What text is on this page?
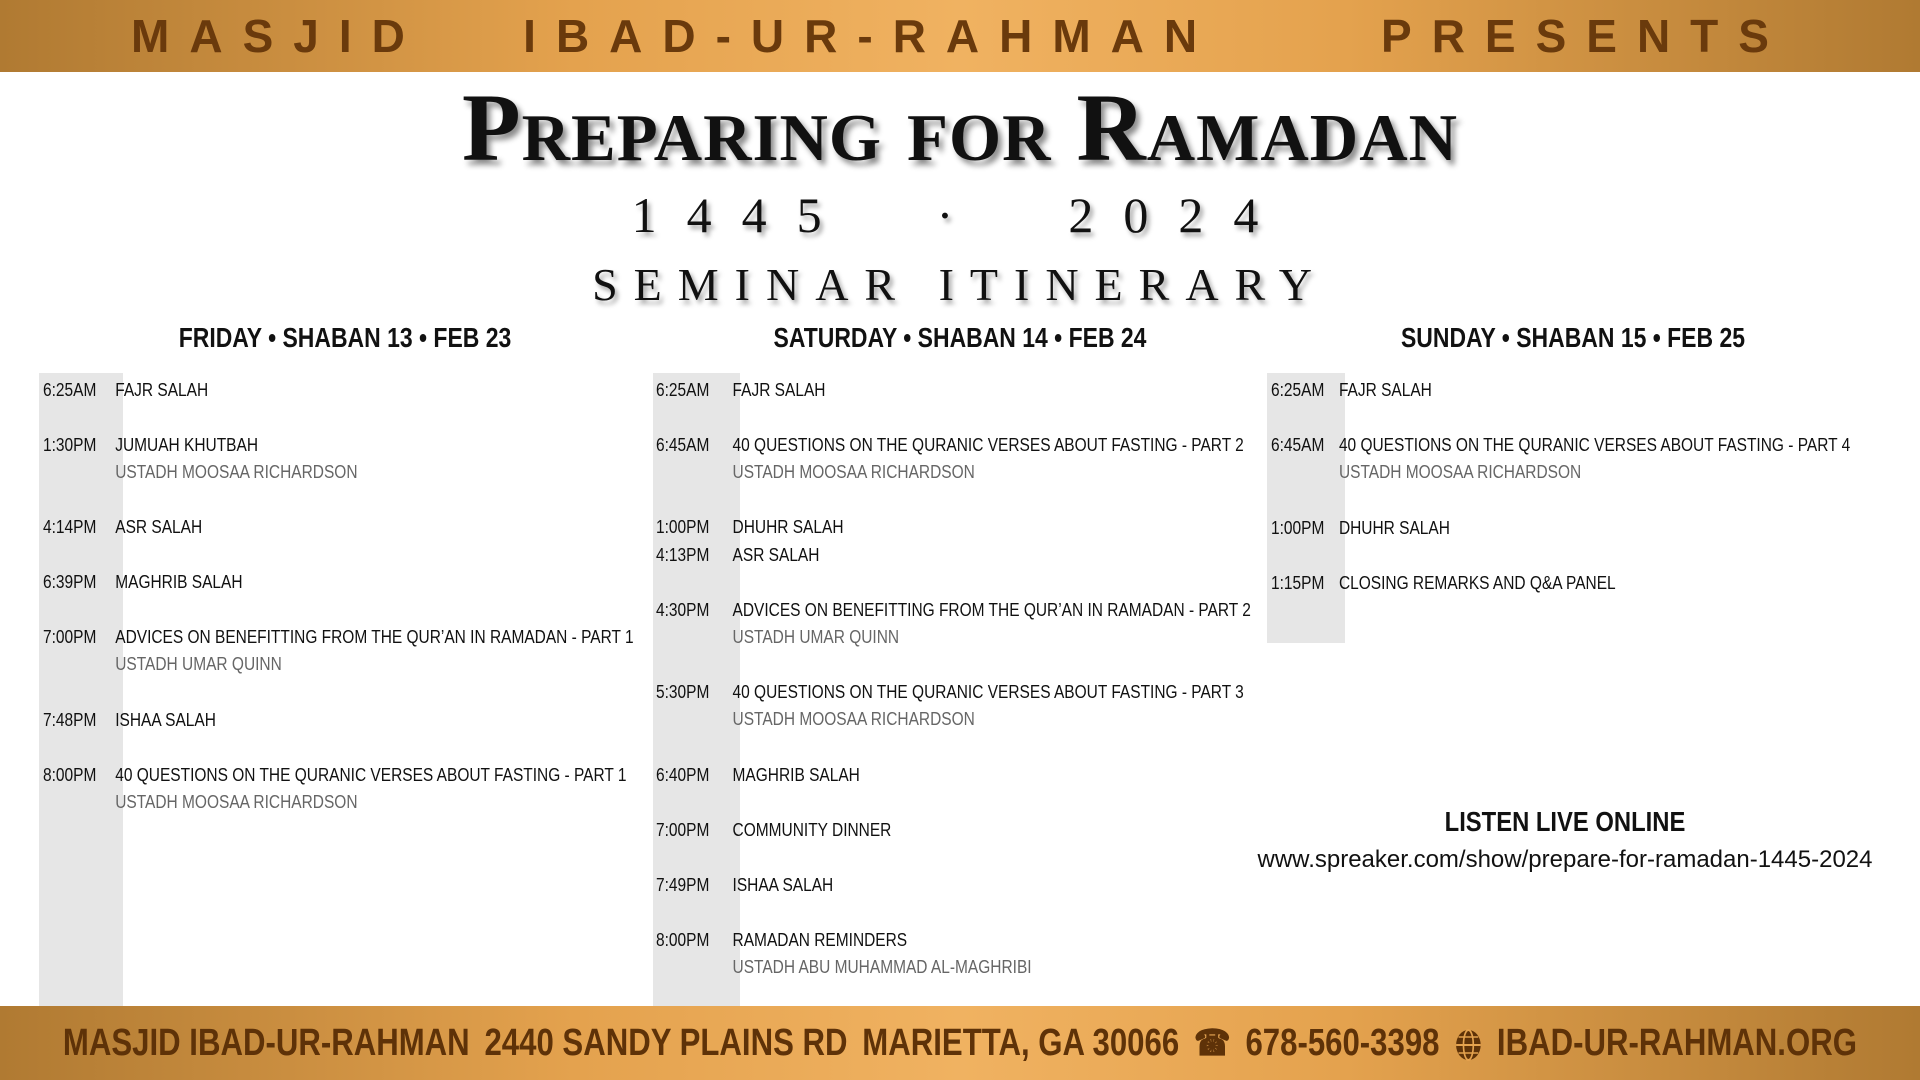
MASJID   IBAD-UR-RAHMAN     PRESENTS
Preparing for Ramadan
1445  ·  2024
SEMINAR ITINERARY
FRIDAY • SHABAN 13 • FEB 23	SATURDAY • SHABAN 14 • FEB 24	SUNDAY • SHABAN 15 • FEB 25
6:25AM	FAJR SALAH
1:30PM	JUMUAH KHUTBAH
USTADH MOOSAA RICHARDSON
4:14PM	ASR SALAH
6:39PM	MAGHRIB SALAH
7:00PM	ADVICES ON BENEFITTING FROM THE QUR’AN IN RAMADAN - PART 1
USTADH UMAR QUINN
7:48PM	ISHAA SALAH
8:00PM	40 QUESTIONS ON THE QURANIC VERSES ABOUT FASTING - PART 1
USTADH MOOSAA RICHARDSON
6:25AM	FAJR SALAH
6:45AM	40 QUESTIONS ON THE QURANIC VERSES ABOUT FASTING - PART 2
USTADH MOOSAA RICHARDSON
1:00PM	DHUHR SALAH
4:13PM	ASR SALAH
4:30PM	ADVICES ON BENEFITTING FROM THE QUR’AN IN RAMADAN - PART 2
USTADH UMAR QUINN
5:30PM	40 QUESTIONS ON THE QURANIC VERSES ABOUT FASTING - PART 3
USTADH MOOSAA RICHARDSON
6:40PM	MAGHRIB SALAH
7:00PM	COMMUNITY DINNER
7:49PM	ISHAA SALAH
8:00PM	RAMADAN REMINDERS
USTADH ABU MUHAMMAD AL-MAGHRIBI
6:25AM FAJR SALAH
6:45AM 40 QUESTIONS ON THE QURANIC VERSES ABOUT FASTING - PART 4
USTADH MOOSAA RICHARDSON
1:00PM DHUHR SALAH
1:15PM CLOSING REMARKS AND Q&A PANEL
LISTEN LIVE ONLINE
www.spreaker.com/show/prepare-for-ramadan-1445-2024
MASJID IBAD-UR-RAHMAN 2440 SANDY PLAINS RD MARIETTA, GA 30066 ☎ 678-560-3398 IBAD-UR-RAHMAN.ORG
